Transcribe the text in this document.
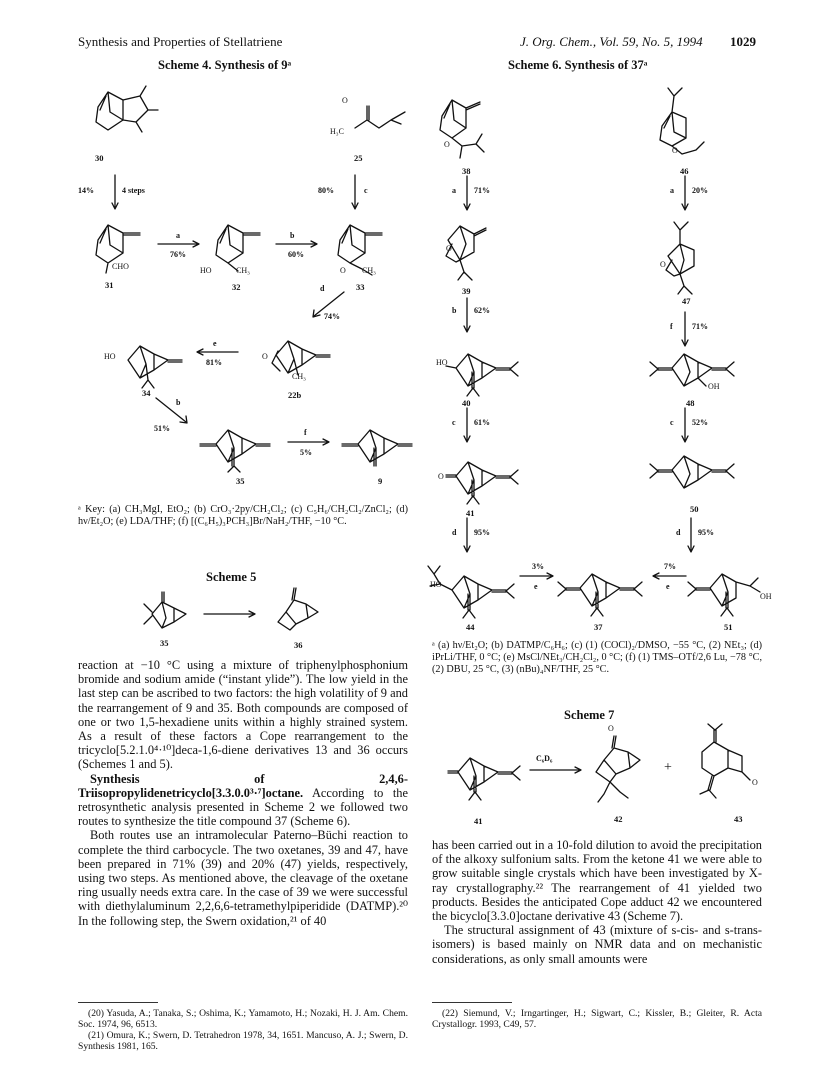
Synthesis and Properties of Stellatriene	J. Org. Chem., Vol. 59, No. 5, 1994 1029
Scheme 4. Synthesis of 9ᵃ
30
O
H₃C
25
14%	4 steps	80%	c
CHO
31
a
76%
HO	CH₃
32
b
60%
O CH₃
33
d
74%
HO
34
e
81%
O
CH₃
22b
b
51%
35
f
5%
9
ᵃ Key: (a) CH₃MgI, EtO₂; (b) CrO₃·2py/CH₂Cl₂; (c) C₅H₆/CH₂Cl₂/ZnCl₂; (d) hν/Et₂O; (e) LDA/THF; (f) [(C₆H₅)₃PCH₃]Br/NaH₂/THF, −10 °C.
Scheme 5
35	36

reaction at −10 °C using a mixture of triphenylphosphonium bromide and sodium amide (“instant ylide”). The low yield in the last step can be ascribed to two factors: the high volatility of 9 and the rearrangement of 9 and 35. Both compounds are composed of one or two 1,5-hexadiene units within a highly strained system. As a result of these factors a Cope rearrangement to the tricyclo[5.2.1.0⁴·¹⁰]deca-1,6-diene derivatives 13 and 36 occurs (Schemes 1 and 5).

Synthesis of 2,4,6-Triisopropylidenetricyclo[3.3.0.0³·⁷]octane. According to the retrosynthetic analysis presented in Scheme 2 we followed two routes to synthesize the title compound 37 (Scheme 6).

Both routes use an intramolecular Paterno–Büchi reaction to complete the third carbocycle. The two oxetanes, 39 and 47, have been prepared in 71% (39) and 20% (47) yields, respectively, using two steps. As mentioned above, the cleavage of the oxetane ring usually needs extra care. In the case of 39 we were successful with diethylaluminum 2,2,6,6-tetramethylpiperidide (DATMP).²⁰ In the following step, the Swern oxidation,²¹ of 40

(20) Yasuda, A.; Tanaka, S.; Oshima, K.; Yamamoto, H.; Nozaki, H. J. Am. Chem. Soc. 1974, 96, 6513.

(21) Omura, K.; Swern, D. Tetrahedron 1978, 34, 1651. Mancuso, A. J.; Swern, D. Synthesis 1981, 165.

Scheme 6. Synthesis of 37ᵃ
O
38
O
46
a 71%	a 20%
O
39
O
47
b 62%
f 71%
HO
40
OH
48
c 61%	c 52%
O
41	50
d 95%	d 95%
HO
44
3%
e
37
7%
e
OH
51
ᵃ (a) hν/Et₂O; (b) DATMP/C₆H₆; (c) (1) (COCl)₂/DMSO, −55 °C, (2) NEt₃; (d) iPrLi/THF, 0 °C; (e) MsCl/NEt₃/CH₂Cl₂, 0 °C; (f) (1) TMS–OTf/2,6 Lu, −78 °C, (2) DBU, 25 °C, (3) (nBu)₄NF/THF, 25 °C.
Scheme 7
41
C₆D₆
O
42
+
O
43

has been carried out in a 10-fold dilution to avoid the precipitation of the alkoxy sulfonium salts. From the ketone 41 we were able to grow suitable single crystals which have been investigated by X-ray crystallography.²² The rearrangement of 41 yielded two products. Besides the anticipated Cope adduct 42 we encountered the bicyclo[3.3.0]octane derivative 43 (Scheme 7).

The structural assignment of 43 (mixture of s-cis- and s-trans-isomers) is based mainly on NMR data and on mechanistic considerations, as only small amounts were

(22) Siemund, V.; Irngartinger, H.; Sigwart, C.; Kissler, B.; Gleiter, R. Acta Crystallogr. 1993, C49, 57.
